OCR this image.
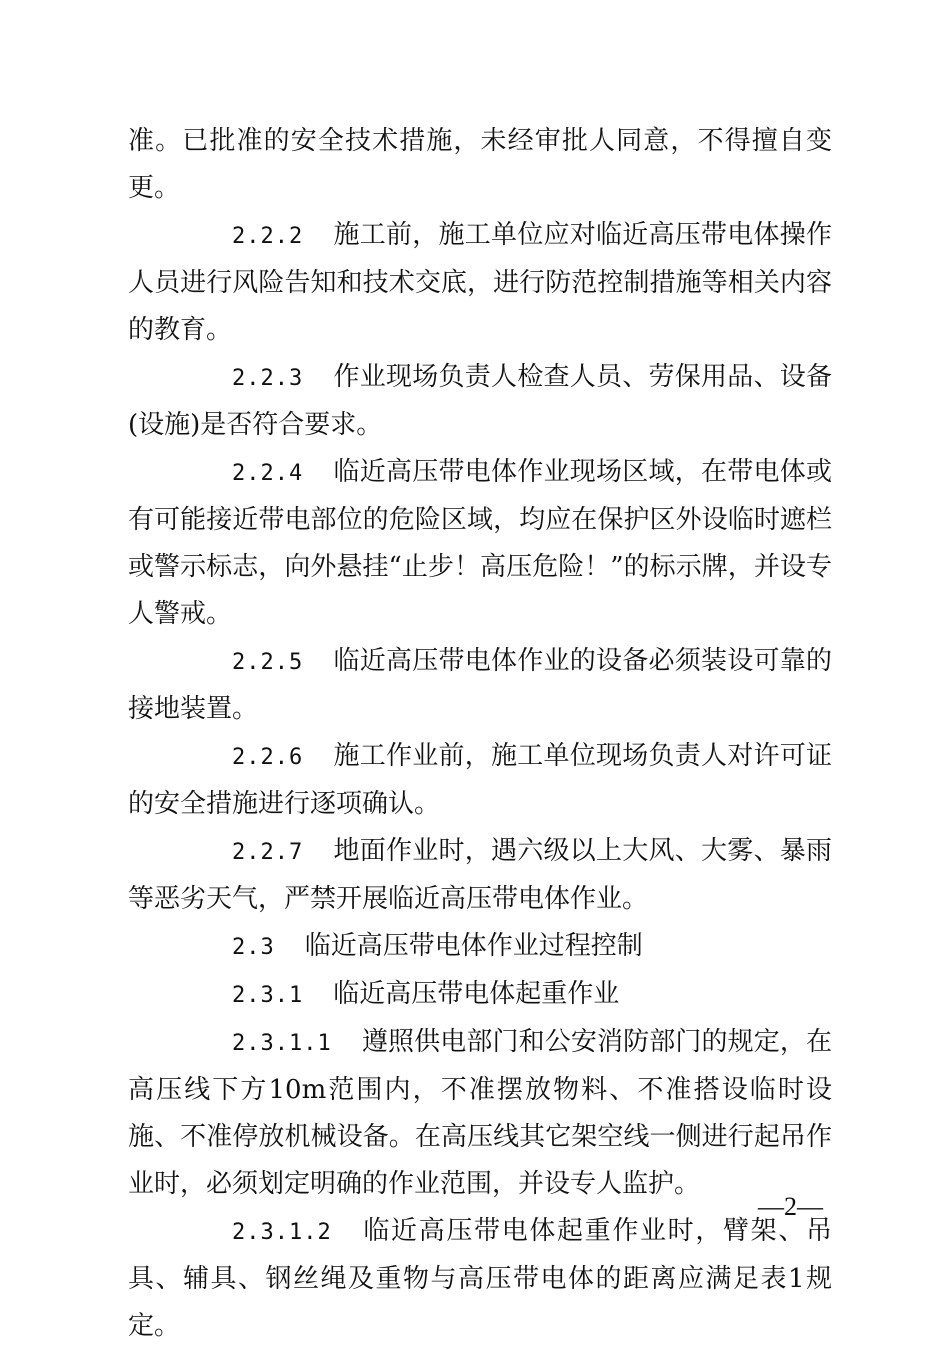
准。已批准的安全技术措施，未经审批人同意，不得擅自变更。

2.2.2 施工前，施工单位应对临近高压带电体操作人员进行风险告知和技术交底，进行防范控制措施等相关内容的教育。

2.2.3 作业现场负责人检查人员、劳保用品、设备(设施)是否符合要求。

2.2.4 临近高压带电体作业现场区域，在带电体或有可能接近带电部位的危险区域，均应在保护区外设临时遮栏或警示标志，向外悬挂“止步！高压危险！”的标示牌，并设专人警戒。

2.2.5 临近高压带电体作业的设备必须装设可靠的接地装置。

2.2.6 施工作业前，施工单位现场负责人对许可证的安全措施进行逐项确认。

2.2.7 地面作业时，遇六级以上大风、大雾、暴雨等恶劣天气，严禁开展临近高压带电体作业。

2.3 临近高压带电体作业过程控制

2.3.1 临近高压带电体起重作业

2.3.1.1 遵照供电部门和公安消防部门的规定，在高压线下方10m范围内，不准摆放物料、不准搭设临时设施、不准停放机械设备。在高压线其它架空线一侧进行起吊作业时，必须划定明确的作业范围，并设专人监护。

2.3.1.2 临近高压带电体起重作业时，臂架、吊具、辅具、钢丝绳及重物与高压带电体的距离应满足表1规定。

—2—
